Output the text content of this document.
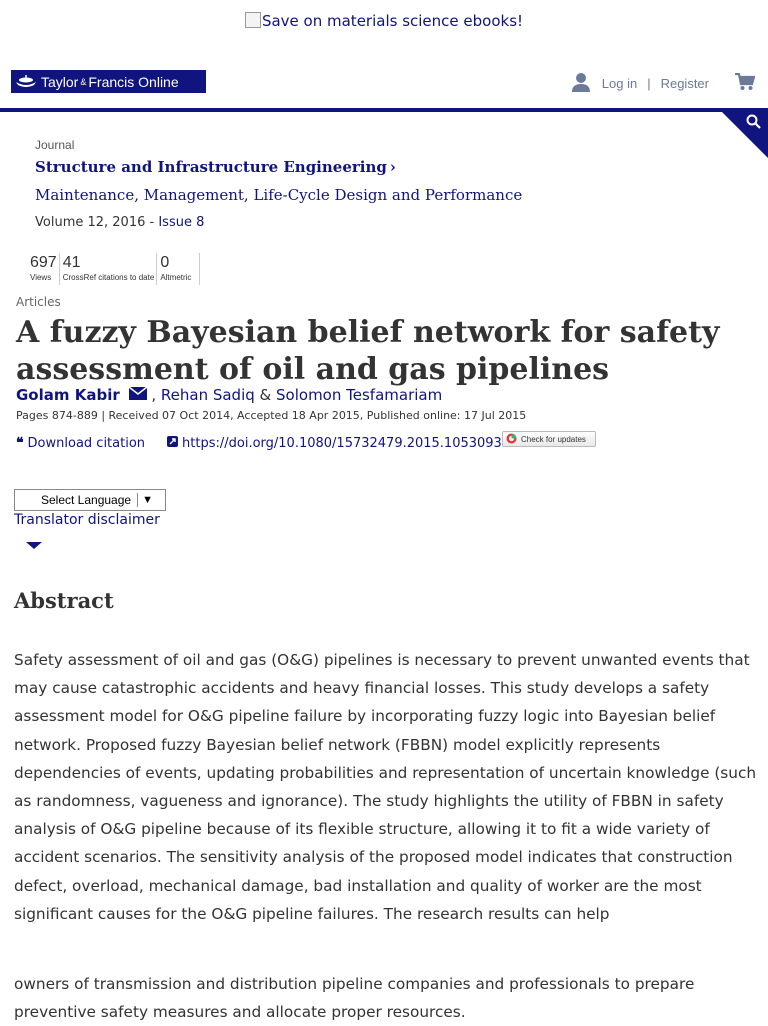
Save on materials science ebooks!
Taylor & Francis Online	Log in | Register
Journal
Structure and Infrastructure Engineering ›
Maintenance, Management, Life-Cycle Design and Performance
Volume 12, 2016 - Issue 8
697
Views
41
CrossRef citations to date
0
Altmetric
Articles
A fuzzy Bayesian belief network for safety assessment of oil and gas pipelines
Golam Kabir , Rehan Sadiq & Solomon Tesfamariam
Pages 874-889 | Received 07 Oct 2014, Accepted 18 Apr 2015, Published online: 17 Jul 2015
❝ Download citation	https://doi.org/10.1080/15732479.2015.1053093 Check for updates
Select Language ▼
Translator disclaimer
Abstract

Safety assessment of oil and gas (O&G) pipelines is necessary to prevent unwanted events that may cause catastrophic accidents and heavy financial losses. This study develops a safety assessment model for O&G pipeline failure by incorporating fuzzy logic into Bayesian belief network. Proposed fuzzy Bayesian belief network (FBBN) model explicitly represents dependencies of events, updating probabilities and representation of uncertain knowledge (such as randomness, vagueness and ignorance). The study highlights the utility of FBBN in safety analysis of O&G pipeline because of its flexible structure, allowing it to fit a wide variety of accident scenarios. The sensitivity analysis of the proposed model indicates that construction defect, overload, mechanical damage, bad installation and quality of worker are the most significant causes for the O&G pipeline failures. The research results can help

owners of transmission and distribution pipeline companies and professionals to prepare preventive safety measures and allocate proper resources.
